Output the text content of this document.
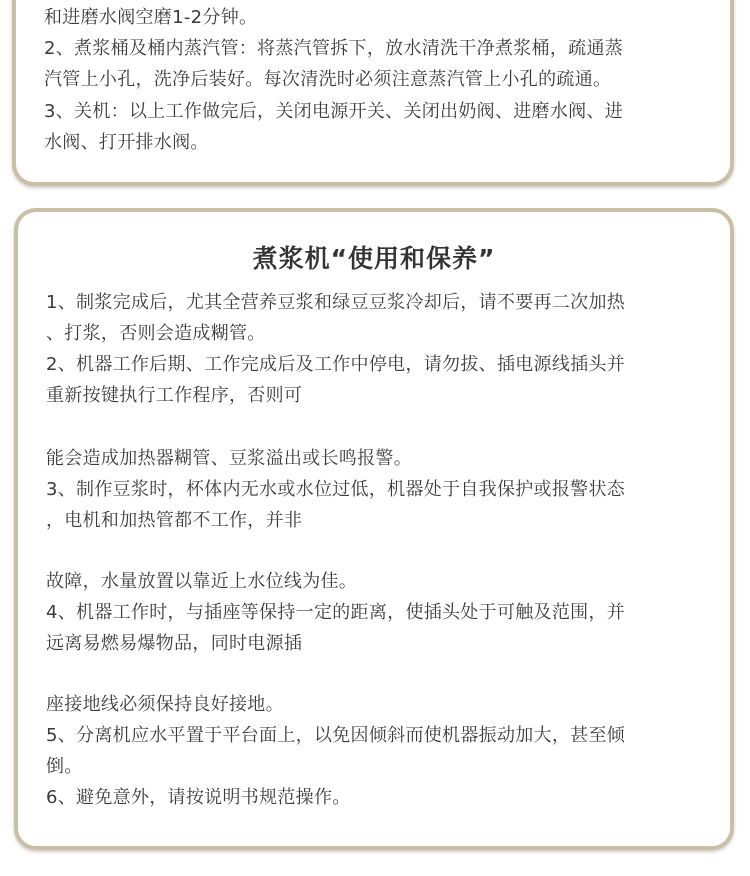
和进磨水阀空磨1-2分钟。
2、煮浆桶及桶内蒸汽管：将蒸汽管拆下，放水清洗干净煮浆桶，疏通蒸
汽管上小孔，洗净后装好。每次清洗时必须注意蒸汽管上小孔的疏通。
3、关机：以上工作做完后，关闭电源开关、关闭出奶阀、进磨水阀、进
水阀、打开排水阀。
煮浆机“使用和保养”
1、制浆完成后，尤其全营养豆浆和绿豆豆浆冷却后，请不要再二次加热
、打浆，否则会造成糊管。
2、机器工作后期、工作完成后及工作中停电，请勿拔、插电源线插头并
重新按键执行工作程序，否则可
能会造成加热器糊管、豆浆溢出或长鸣报警。
3、制作豆浆时，杯体内无水或水位过低，机器处于自我保护或报警状态
，电机和加热管都不工作，并非
故障，水量放置以靠近上水位线为佳。
4、机器工作时，与插座等保持一定的距离，使插头处于可触及范围，并
远离易燃易爆物品，同时电源插
座接地线必须保持良好接地。
5、分离机应水平置于平台面上，以免因倾斜而使机器振动加大，甚至倾
倒。
6、避免意外，请按说明书规范操作。
